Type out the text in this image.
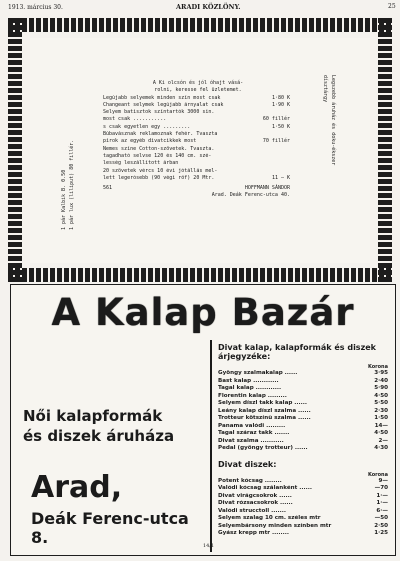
1913. március 30.	ARADI KÖZLÖNY.	25
1 pár Kalbik B. 0.50 1 pár lux (liliput) 80 fillér.
Legszebb áruház és doku-ékszer
dísztárgy
A Ki olcsón és jól óhajt vásá-
rolni, keresse fel üzletemet.
Legújabb selyemek minden szín most csak	1·80 K
Changeant selymek legújabb árnyalat csak	1·90 K
Selyem batisztok színtartók 3000 sin.
most csak ...........	60 fillér
s csak egyetlen egy .........	1·50 K
Búbavásznak reklamoznak fehér. Tvaszta
pírok az egyéb divatcikkek most	70 fillér
Nemes színe Cotton-szövetek. Tvaszta.
tagadható selvse 120 és 140 cm. szé-
lesség leszállított árban
20 szövetek vércs 10 évi jótállás mel-
lett legerósebb (90 végi rőf) 20 Mtr.	11 — K
561	HOFFMANN SÁNDOR
Arad. Deák Ferenc-utca 40.
A Kalap Bazár
Női kalapformák
és diszek áruháza
Arad,
Deák Ferenc-utca 8.
Divat kalap, kalapformák és diszek
árjegyzéke:
Korona
Gyöngy szalmakalap ......	3·95
Bast kalap ............	2·40
Tagal kalap ............	5·90
Florentin kalap .........	4·50
Selyem díszl takk kalap ......	5·50
Leány kalap díszl szalma ......	2·30
Trotteur kötszínű szalma ......	1·50
Panama valódi .........	14—
Tagal száraz takk .......	4·50
Divat szalma ...........	2—
Pedal (gyöngy trotteur) ......	4·30
Divat diszek:
Korona
Potent kócsag ........	9—
Valódi kócsag szálanként ......	—70
Divat virágcsokrok ......	1·—
Divat rózsacsokrok ......	1·—
Valódi strucctoll .......	6·—
Selyem szalag 10 cm. széles mtr	—50
Selyembársony minden színben mtr	2·50
Gyász krepp mtr ........	1·25
14/1
